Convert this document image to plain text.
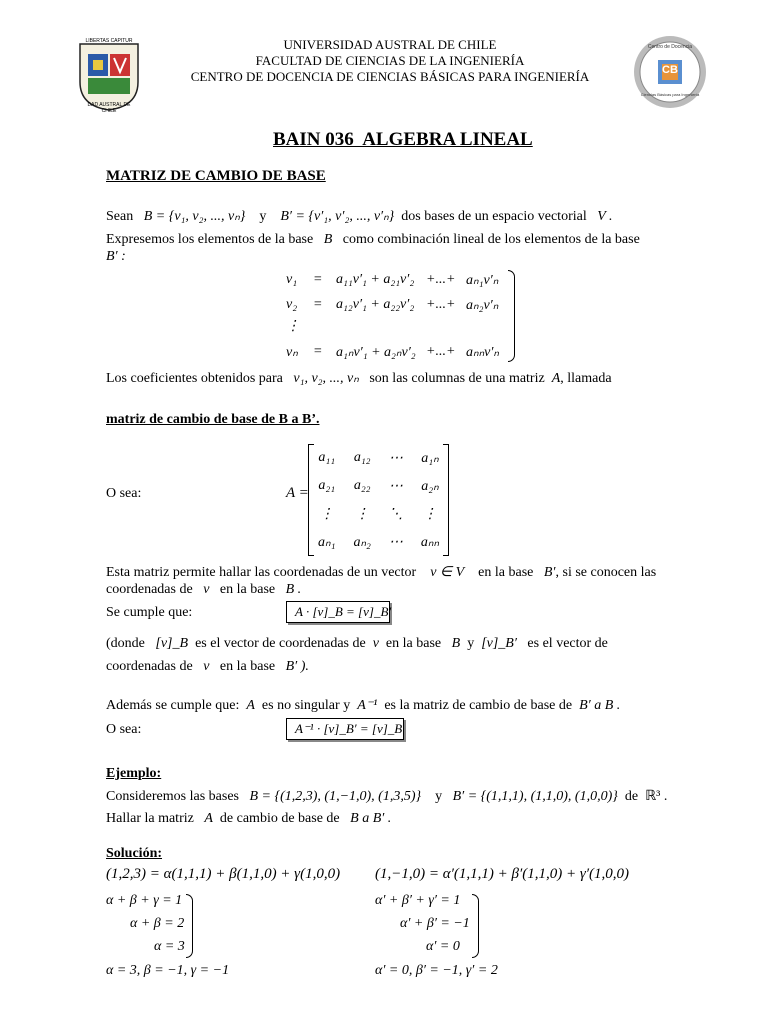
LIBERTAS CAPITUR
DAD AUSTRAL DE CHILE
CB
Centro de Docencia
Ciencias Básicas para Ingeniería
UNIVERSIDAD AUSTRAL DE CHILE
FACULTAD DE CIENCIAS DE LA INGENIERÍA
CENTRO DE DOCENCIA DE CIENCIAS BÁSICAS PARA INGENIERÍA
BAIN 036  ALGEBRA LINEAL
MATRIZ DE CAMBIO DE BASE
Sean B = {v₁, v₂, ..., vₙ} y B′ = {v′₁, v′₂, ..., v′ₙ} dos bases de un espacio vectorial V .
Expresemos los elementos de la base B como combinación lineal de los elementos de la base
B′ :
v₁ = a₁₁v′₁ + a₂₁v′₂ +...+ aₙ₁v′ₙ
v₂ = a₁₂v′₁ + a₂₂v′₂ +...+ aₙ₂v′ₙ
⋮
vₙ = a₁ₙv′₁ + a₂ₙv′₂ +...+ aₙₙv′ₙ
Los coeficientes obtenidos para v₁, v₂, ..., vₙ son las columnas de una matriz A, llamada
matriz de cambio de base de B a B’.
O sea:	A =
a₁₁	a₁₂	⋯	a₁ₙ
a₂₁	a₂₂	⋯	a₂ₙ
⋮	⋮	⋱	⋮
aₙ₁	aₙ₂	⋯	aₙₙ
Esta matriz permite hallar las coordenadas de un vector v ∈ V en la base B′, si se conocen las
coordenadas de v en la base B .
Se cumple que:	A · [v]_B = [v]_B′
(donde [v]_B es el vector de coordenadas de v en la base B y [v]_B′ es el vector de
coordenadas de v en la base B′ ).
Además se cumple que: A es no singular y A⁻¹ es la matriz de cambio de base de B′ a B .
O sea:	A⁻¹ · [v]_B′ = [v]_B
Ejemplo:
Consideremos las bases B = {(1,2,3), (1,−1,0), (1,3,5)} y B′ = {(1,1,1), (1,1,0), (1,0,0)} de ℝ³ .
Hallar la matriz A de cambio de base de B a B′ .
Solución:
(1,2,3) = α(1,1,1) + β(1,1,0) + γ(1,0,0)
α + β + γ = 1
α + β = 2
α = 3
α = 3, β = −1, γ = −1
(1,−1,0) = α′(1,1,1) + β′(1,1,0) + γ′(1,0,0)
α′ + β′ + γ′ = 1
α′ + β′ = −1
α′ = 0
α′ = 0, β′ = −1, γ′ = 2
